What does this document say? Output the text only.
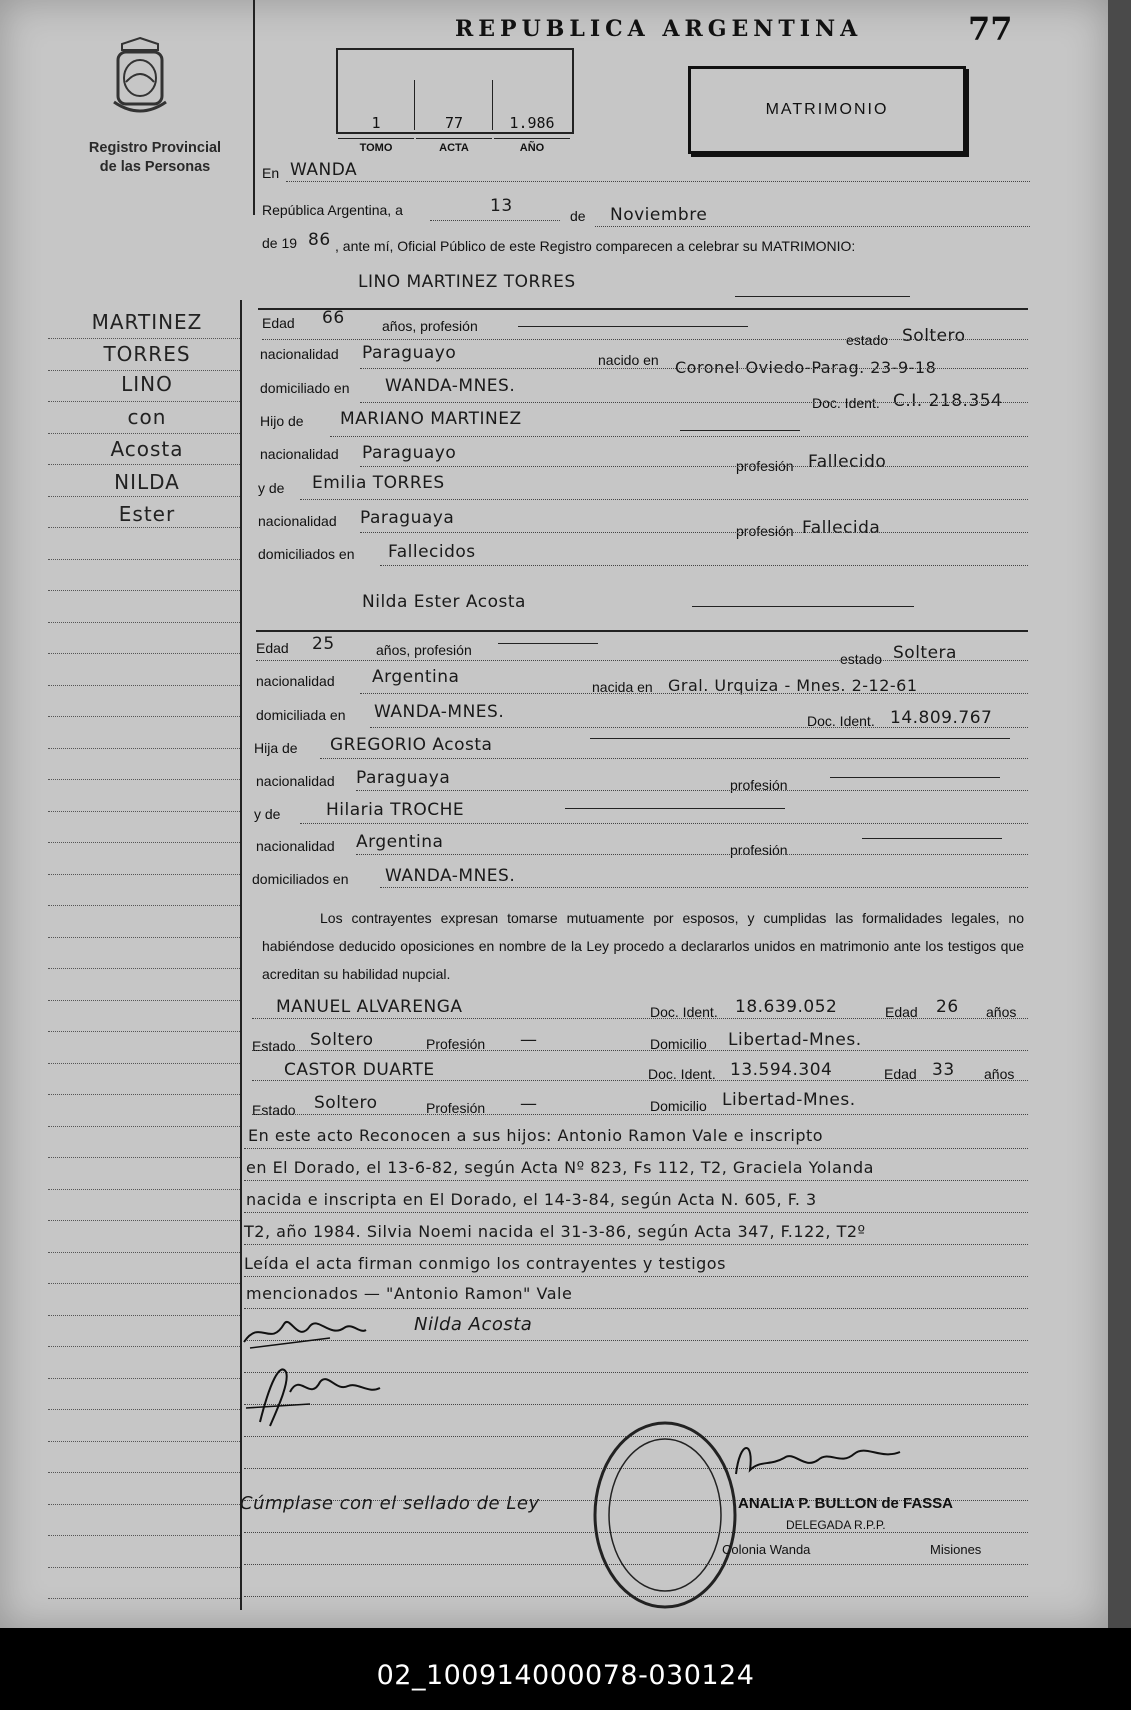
02_100914000078-030124
Registro Provincial
de las Personas
MARTINEZ
TORRES
LINO
con
Acosta
NILDA
Ester
REPUBLICA ARGENTINA	77
1
TOMO
77
ACTA
1.986
AÑO
MATRIMONIO
En WANDA
República Argentina, a	13	de Noviembre
de 19 86 , ante mí, Oficial Público de este Registro comparecen a celebrar su MATRIMONIO:
LINO MARTINEZ TORRES
Edad 66	años, profesión
estado Soltero
nacionalidad Paraguayo	nacido en Coronel Oviedo-Parag. 23-9-18
domiciliado en WANDA-MNES.
Doc. Ident. C.I. 218.354
Hijo de MARIANO MARTINEZ
nacionalidad Paraguayo
profesión Fallecido
y de Emilia TORRES
nacionalidad Paraguaya
profesión Fallecida
domiciliados en Fallecidos
Nilda Ester Acosta
Edad 25	años, profesión
estado Soltera
nacionalidad Argentina	nacida en Gral. Urquiza - Mnes. 2-12-61
domiciliada en WANDA-MNES.	Doc. Ident. 14.809.767
Hija de GREGORIO Acosta
nacionalidad Paraguaya	profesión
y de	Hilaria TROCHE
nacionalidad Argentina	profesión
domiciliados en WANDA-MNES.
Los contrayentes expresan tomarse mutuamente por esposos, y cumplidas las formalidades legales, no habiéndose deducido oposiciones en nombre de la Ley procedo a declararlos unidos en matrimonio ante los testigos que acreditan su habilidad nupcial.
MANUEL ALVARENGA	Doc. Ident. 18.639.052	Edad 26 años
Estado Soltero	Profesión —	Domicilio Libertad-Mnes.
CASTOR DUARTE	Doc. Ident. 13.594.304	Edad 33 años
Estado Soltero	Profesión —	Domicilio Libertad-Mnes.
En este acto Reconocen a sus hijos: Antonio Ramon Vale e inscripto
en El Dorado, el 13-6-82, según Acta Nº 823, Fs 112, T2, Graciela Yolanda
nacida e inscripta en El Dorado, el 14-3-84, según Acta N. 605, F. 3
T2, año 1984. Silvia Noemi nacida el 31-3-86, según Acta 347, F.122, T2º
Leída el acta firman conmigo los contrayentes y testigos
mencionados — "Antonio Ramon" Vale
Nilda Acosta
Cúmplase con el sellado de Ley	ANALIA P. BULLON de FASSA
DELEGADA R.P.P.
Colonia Wanda	Misiones
